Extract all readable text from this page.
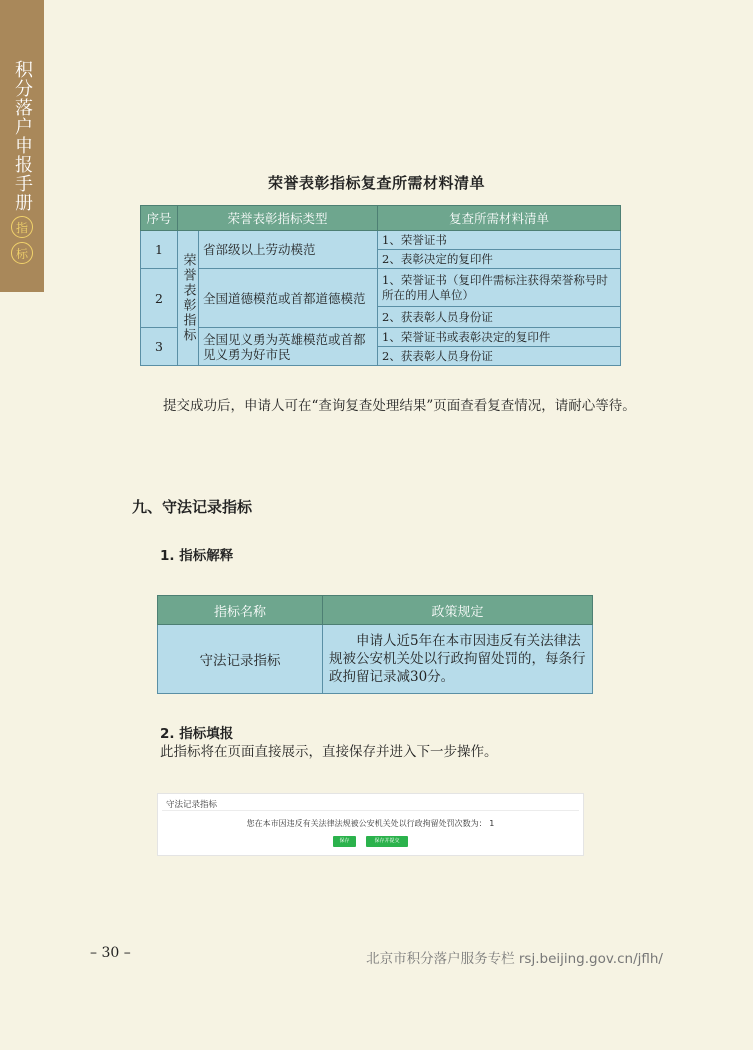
积分落户申报手册
指
标
荣誉表彰指标复查所需材料清单
序号	荣誉表彰指标类型		复查所需材料清单
1	荣誉表彰指标	省部级以上劳动模范	1、荣誉证书
			2、表彰决定的复印件
2		全国道德模范或首都道德模范	1、荣誉证书（复印件需标注获得荣誉称号时所在的用人单位）
			2、获表彰人员身份证
3		全国见义勇为英雄模范或首都见义勇为好市民	1、荣誉证书或表彰决定的复印件
			2、获表彰人员身份证
提交成功后，申请人可在“查询复查处理结果”页面查看复查情况，请耐心等待。
九、守法记录指标
1. 指标解释
指标名称	政策规定
守法记录指标	申请人近5年在本市因违反有关法律法规被公安机关处以行政拘留处罚的，每条行政拘留记录减30分。
2. 指标填报
此指标将在页面直接展示，直接保存并进入下一步操作。
守法记录指标
您在本市因违反有关法律法规被公安机关处以行政拘留处罚次数为： 1
保存	保存并提交
– 30 –	北京市积分落户服务专栏 rsj.beijing.gov.cn/jflh/
